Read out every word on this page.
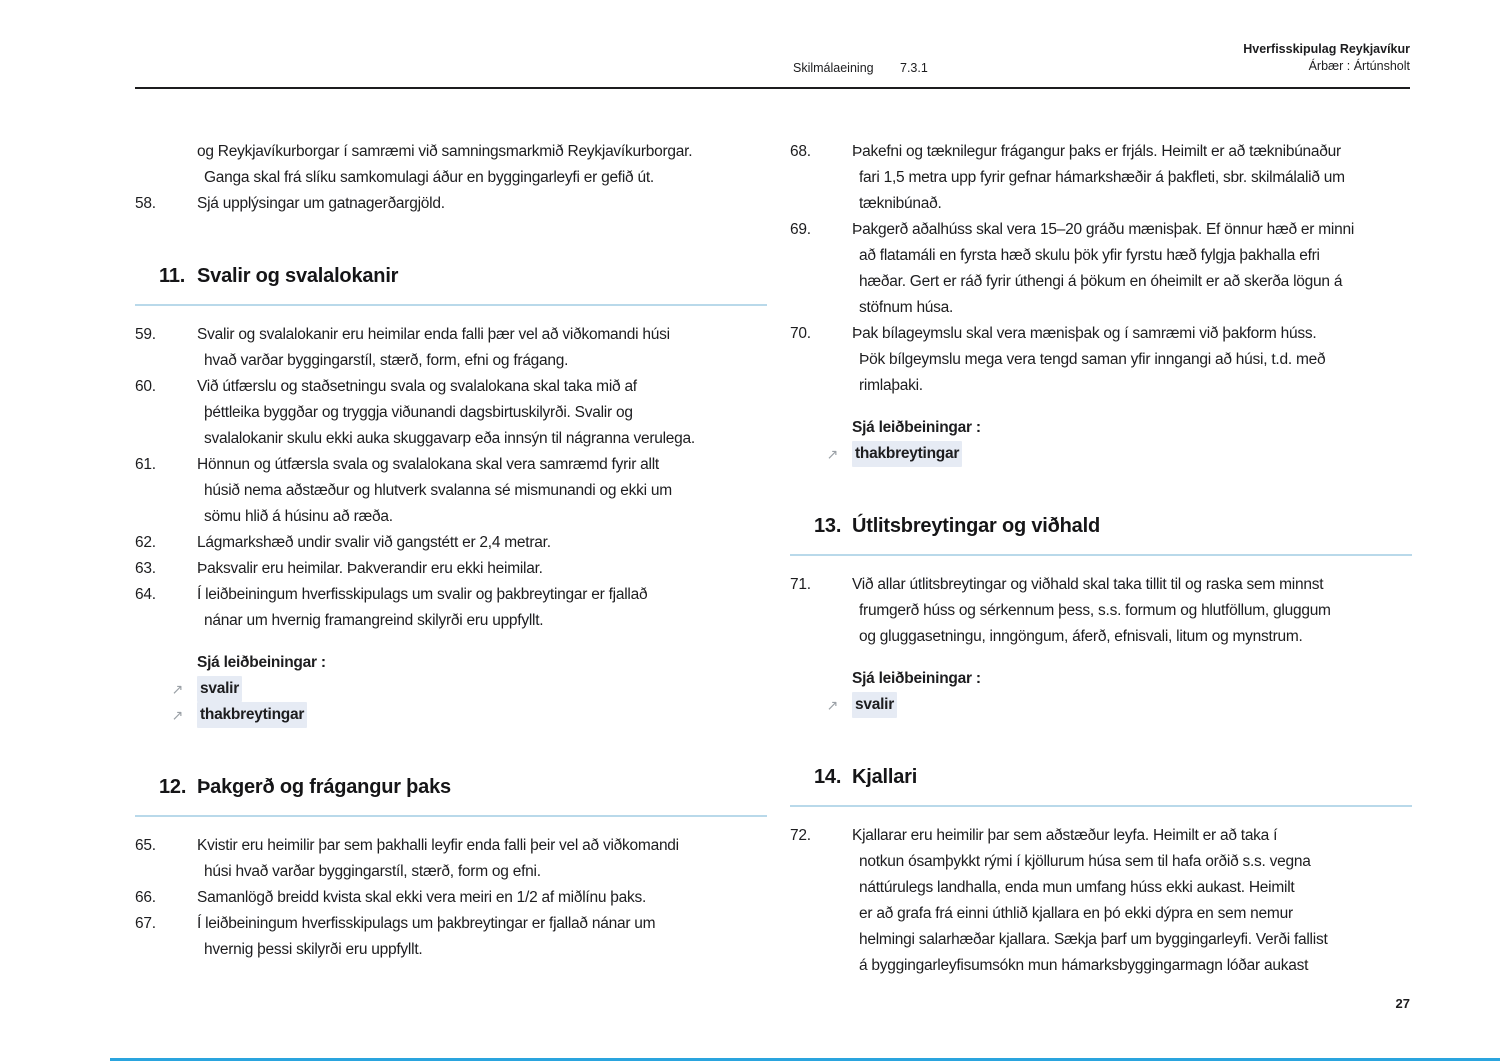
Skilmálaeining 7.3.1
Hverfisskipulag Reykjavíkur
Árbær : Ártúnsholt
og Reykjavíkurborgar í samræmi við samningsmarkmið Reykjavíkurborgar.
Ganga skal frá slíku samkomulagi áður en byggingarleyfi er gefið út.
58.	Sjá upplýsingar um gatnagerðargjöld.
11. Svalir og svalalokanir
59.	Svalir og svalalokanir eru heimilar enda falli þær vel að viðkomandi húsi
hvað varðar byggingarstíl, stærð, form, efni og frágang.
60.	Við útfærslu og staðsetningu svala og svalalokana skal taka mið af
þéttleika byggðar og tryggja viðunandi dagsbirtuskilyrði. Svalir og
svalalokanir skulu ekki auka skuggavarp eða innsýn til nágranna verulega.
61.	Hönnun og útfærsla svala og svalalokana skal vera samræmd fyrir allt
húsið nema aðstæður og hlutverk svalanna sé mismunandi og ekki um
sömu hlið á húsinu að ræða.
62.	Lágmarkshæð undir svalir við gangstétt er 2,4 metrar.
63.	Þaksvalir eru heimilar. Þakverandir eru ekki heimilar.
64.	Í leiðbeiningum hverfisskipulags um svalir og þakbreytingar er fjallað
nánar um hvernig framangreind skilyrði eru uppfyllt.
Sjá leiðbeiningar :
↗	svalir
↗	thakbreytingar
12. Þakgerð og frágangur þaks
65.	Kvistir eru heimilir þar sem þakhalli leyfir enda falli þeir vel að viðkomandi
húsi hvað varðar byggingarstíl, stærð, form og efni.
66.	Samanlögð breidd kvista skal ekki vera meiri en 1/2 af miðlínu þaks.
67.	Í leiðbeiningum hverfisskipulags um þakbreytingar er fjallað nánar um
hvernig þessi skilyrði eru uppfyllt.
68.	Þakefni og tæknilegur frágangur þaks er frjáls. Heimilt er að tæknibúnaður
fari 1,5 metra upp fyrir gefnar hámarkshæðir á þakfleti, sbr. skilmálalið um
tæknibúnað.
69.	Þakgerð aðalhúss skal vera 15–20 gráðu mænisþak. Ef önnur hæð er minni
að flatamáli en fyrsta hæð skulu þök yfir fyrstu hæð fylgja þakhalla efri
hæðar. Gert er ráð fyrir úthengi á þökum en óheimilt er að skerða lögun á
stöfnum húsa.
70.	Þak bílageymslu skal vera mænisþak og í samræmi við þakform húss.
Þök bílgeymslu mega vera tengd saman yfir inngangi að húsi, t.d. með
rimlaþaki.
Sjá leiðbeiningar :
↗	thakbreytingar
13. Útlitsbreytingar og viðhald
71.	Við allar útlitsbreytingar og viðhald skal taka tillit til og raska sem minnst
frumgerð húss og sérkennum þess, s.s. formum og hlutföllum, gluggum
og gluggasetningu, inngöngum, áferð, efnisvali, litum og mynstrum.
Sjá leiðbeiningar :
↗	svalir
14. Kjallari
72.	Kjallarar eru heimilir þar sem aðstæður leyfa. Heimilt er að taka í
notkun ósamþykkt rými í kjöllurum húsa sem til hafa orðið s.s. vegna
náttúrulegs landhalla, enda mun umfang húss ekki aukast. Heimilt
er að grafa frá einni úthlið kjallara en þó ekki dýpra en sem nemur
helmingi salarhæðar kjallara. Sækja þarf um byggingarleyfi. Verði fallist
á byggingarleyfisumsókn mun hámarksbyggingarmagn lóðar aukast
27
